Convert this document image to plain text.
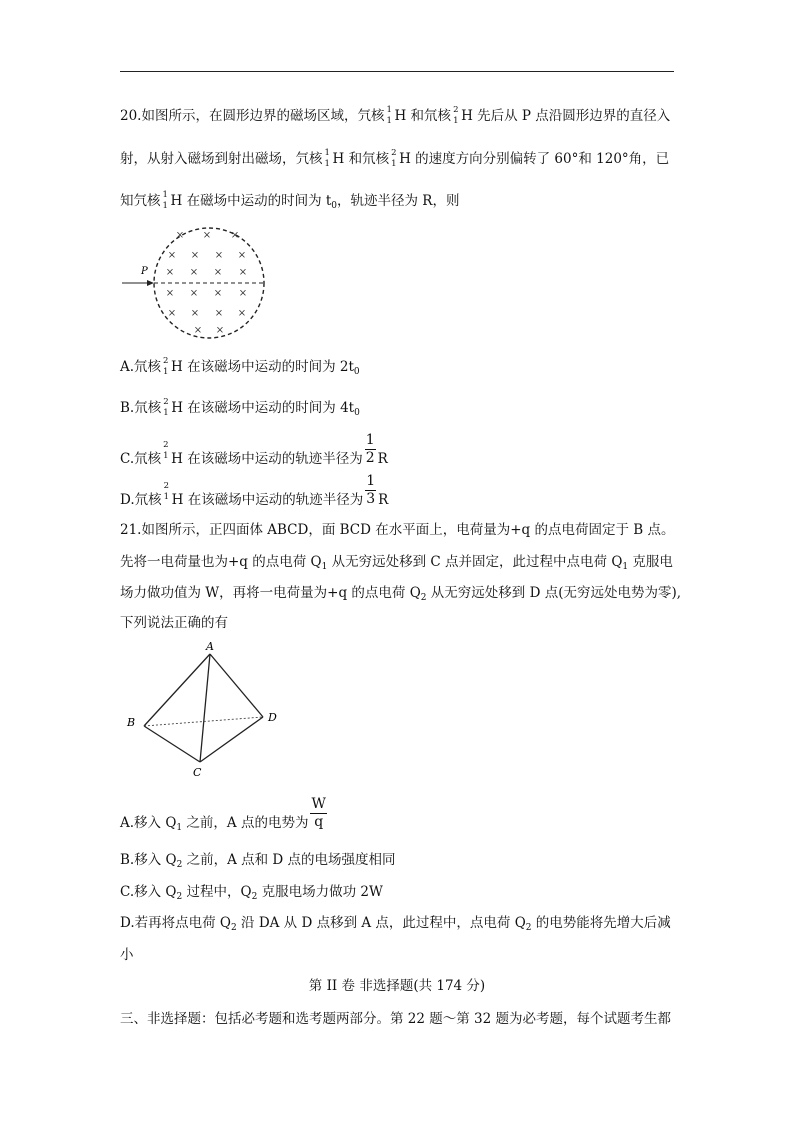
20.如图所示，在圆形边界的磁场区域，氕核 1
1 H 和氘核 2
1 H 先后从 P 点沿圆形边界的直径入
射，从射入磁场到射出磁场，氕核 1
1 H 和氘核 2
1 H 的速度方向分别偏转了 60°和 120°角，已
知氕核 1
1 H 在磁场中运动的时间为 $t_0$，轨迹半径为 R，则
P
× × ×
× × × ×
× × × ×
× × × ×
× × × ×
× ×
A.氘核 2
1 H 在该磁场中运动的时间为 $2t_0$
B.氘核 2
1 H 在该磁场中运动的时间为 $4t_0$
C.氘核
2
1 H 在该磁场中运动的轨迹半径为 $\frac{1}{2}$ R
D.氘核
2
1 H 在该磁场中运动的轨迹半径为 $\frac{1}{3}$ R
21.如图所示，正四面体 ABCD，面 BCD 在水平面上，电荷量为+q 的点电荷固定于 B 点。
先将一电荷量也为+q 的点电荷 $Q_1$ 从无穷远处移到 C 点并固定，此过程中点电荷 $Q_1$ 克服电
场力做功值为 W，再将一电荷量为+q 的点电荷 $Q_2$ 从无穷远处移到 D 点(无穷远处电势为零),
下列说法正确的有
A
B
C
D
A.移入 $Q_1$ 之前，A 点的电势为 $\frac{W}{q}$
B.移入 $Q_2$ 之前，A 点和 D 点的电场强度相同
C.移入 $Q_2$ 过程中，$Q_2$ 克服电场力做功 2W
D.若再将点电荷 $Q_2$ 沿 DA 从 D 点移到 A 点，此过程中，点电荷 $Q_2$ 的电势能将先增大后减
小
第 II 卷 非选择题(共 174 分)
三、非选择题：包括必考题和选考题两部分。第 22 题～第 32 题为必考题，每个试题考生都
